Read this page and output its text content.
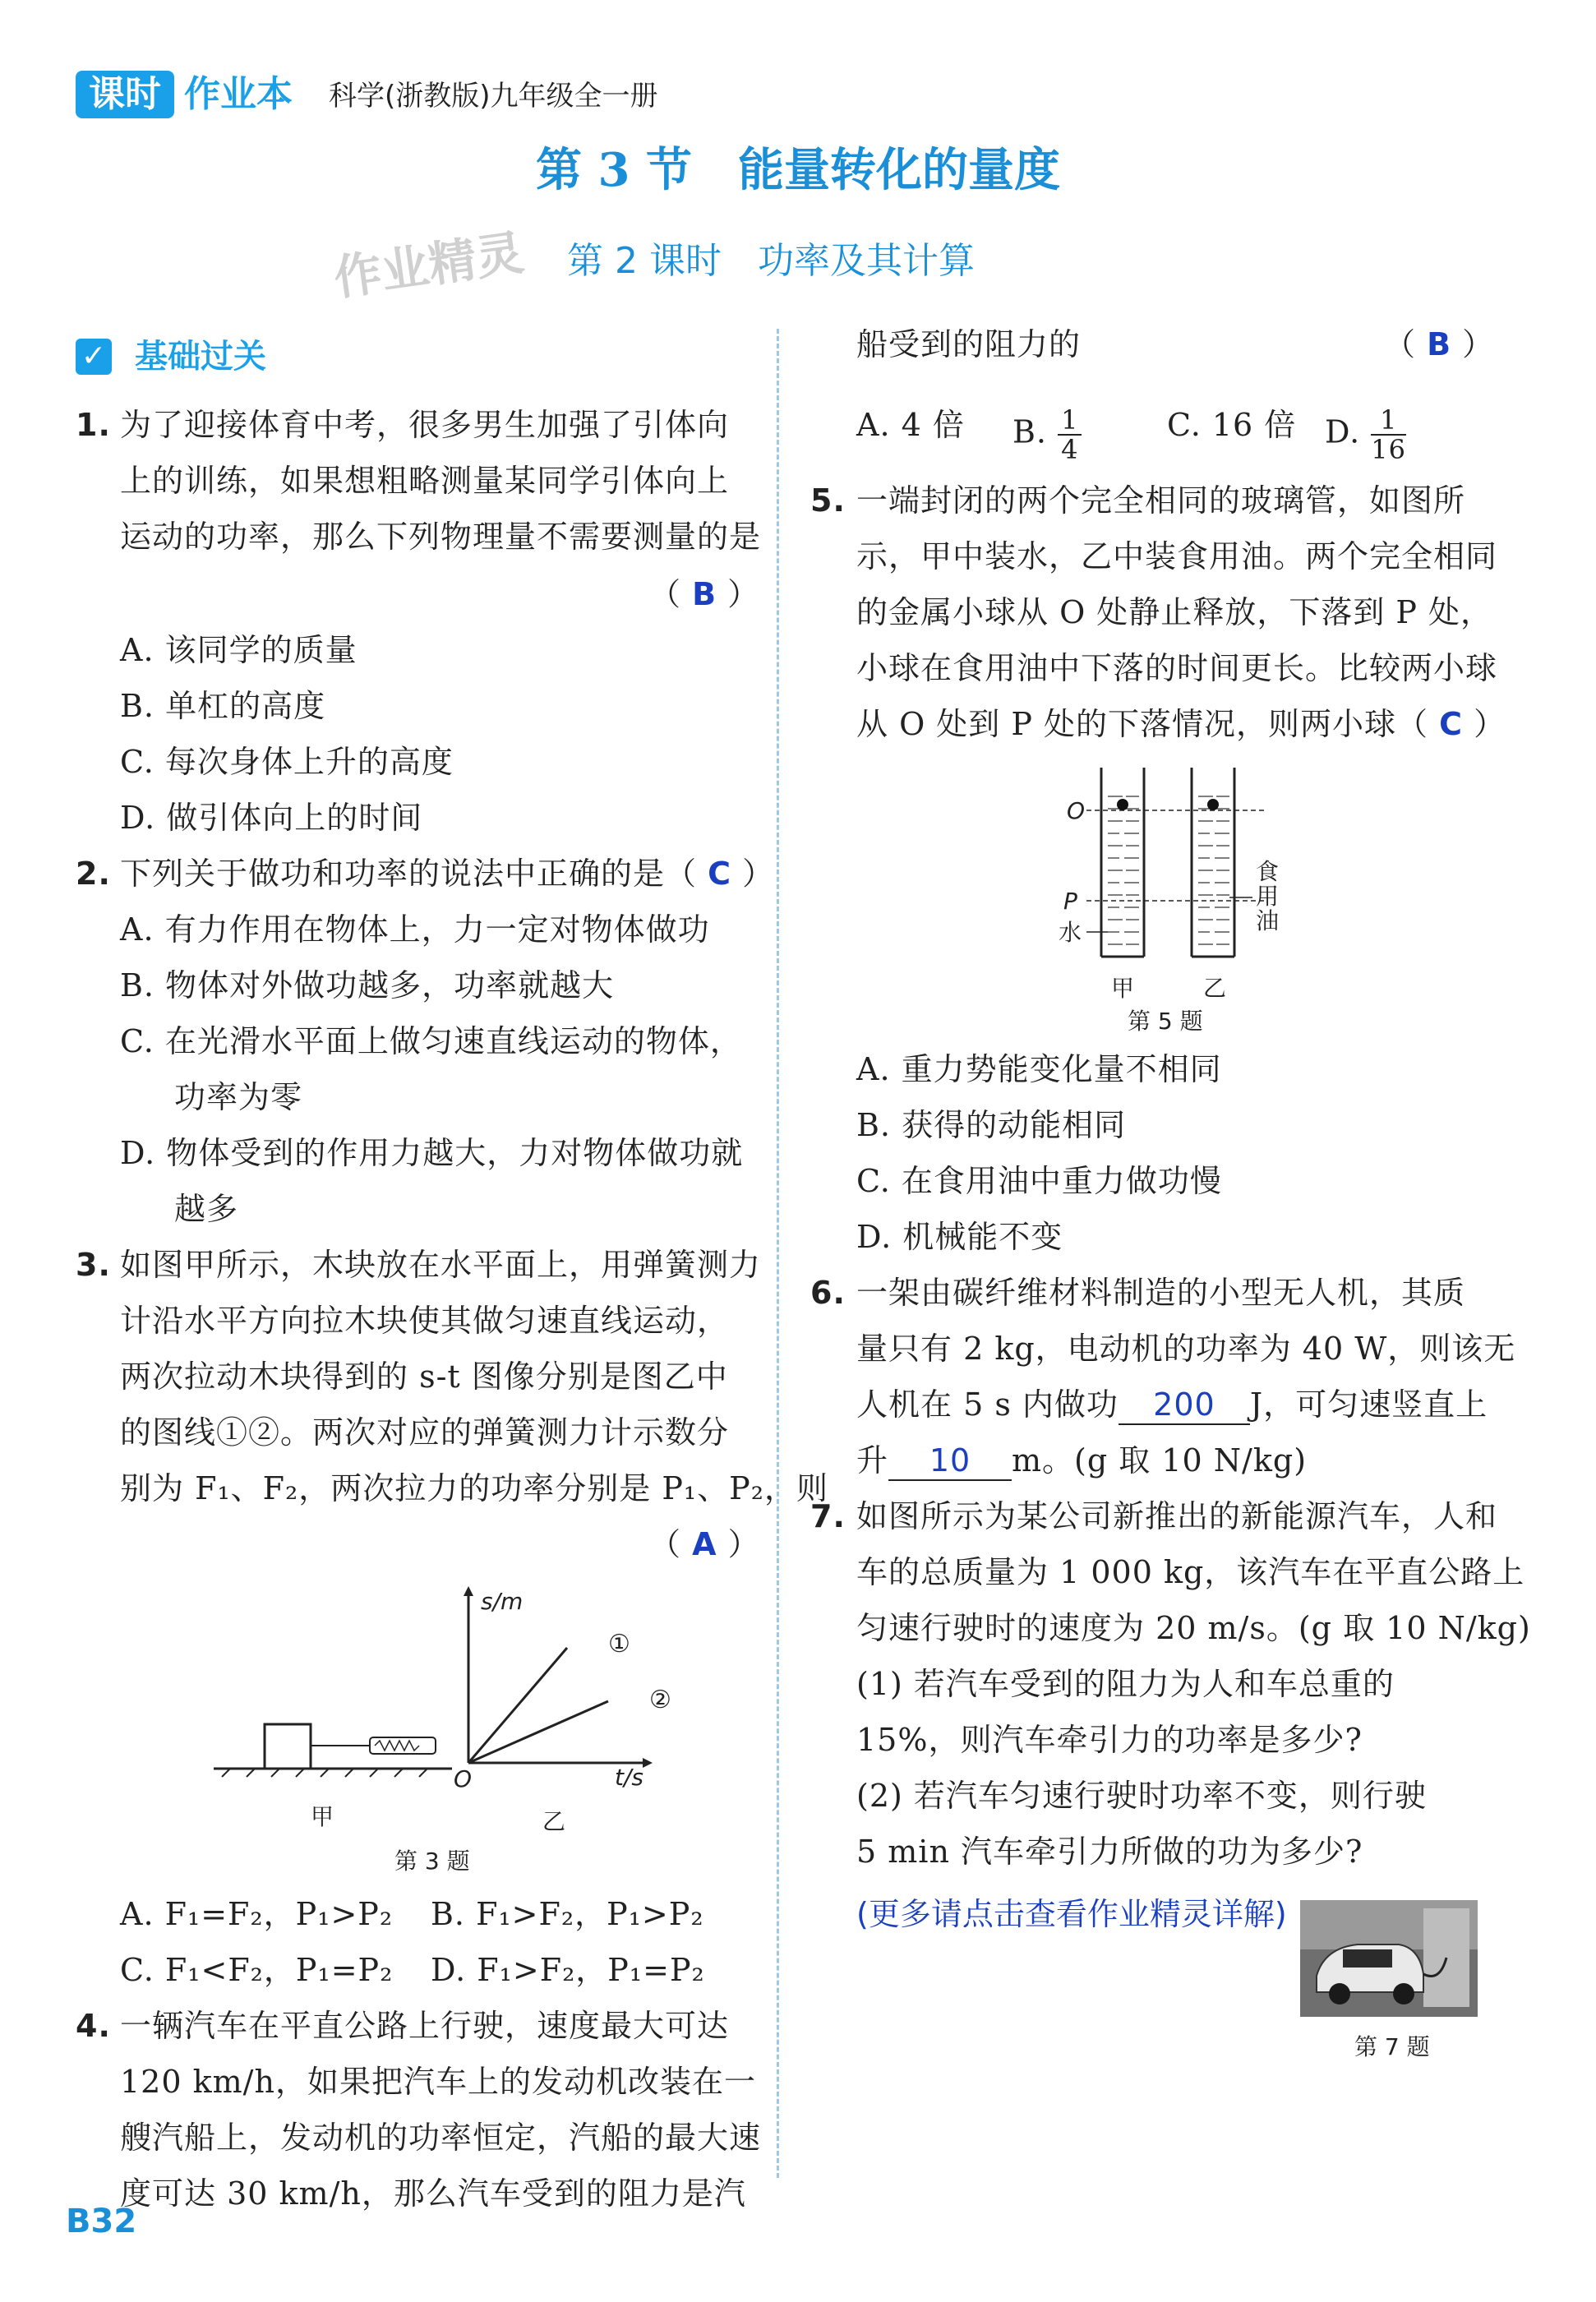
课时 作业本 科学(浙教版)九年级全一册
第 3 节　能量转化的量度
作业精灵 第 2 课时　功率及其计算
✓ 基础过关
1. 为了迎接体育中考，很多男生加强了引体向
上的训练，如果想粗略测量某同学引体向上
运动的功率，那么下列物理量不需要测量的是
（ B ）
A. 该同学的质量
B. 单杠的高度
C. 每次身体上升的高度
D. 做引体向上的时间
2. 下列关于做功和功率的说法中正确的是（ C ）
A. 有力作用在物体上，力一定对物体做功
B. 物体对外做功越多，功率就越大
C. 在光滑水平面上做匀速直线运动的物体，
功率为零
D. 物体受到的作用力越大，力对物体做功就
越多
3. 如图甲所示，木块放在水平面上，用弹簧测力
计沿水平方向拉木块使其做匀速直线运动，
两次拉动木块得到的 s-t 图像分别是图乙中
的图线①②。两次对应的弹簧测力计示数分
别为 F₁、F₂，两次拉力的功率分别是 P₁、P₂，则
（ A ）
s/m
①
②
O	t/s
甲	乙
第 3 题
A. F₁=F₂，P₁>P₂ B. F₁>F₂，P₁>P₂
C. F₁<F₂，P₁=P₂ D. F₁>F₂，P₁=P₂
4. 一辆汽车在平直公路上行驶，速度最大可达
120 km/h，如果把汽车上的发动机改装在一
艘汽船上，发动机的功率恒定，汽船的最大速
度可达 30 km/h，那么汽车受到的阻力是汽
B32
船受到的阻力的	（ B ）
A. 4 倍 B. $\frac{1}{4}$	C. 16 倍 D. $\frac{1}{16}$
5. 一端封闭的两个完全相同的玻璃管，如图所
示，甲中装水，乙中装食用油。两个完全相同
的金属小球从 O 处静止释放，下落到 P 处，
小球在食用油中下落的时间更长。比较两小球
从 O 处到 P 处的下落情况，则两小球（ C ）
O
P
水
食用油
甲	乙
第 5 题
A. 重力势能变化量不相同
B. 获得的动能相同
C. 在食用油中重力做功慢
D. 机械能不变
6. 一架由碳纤维材料制造的小型无人机，其质
量只有 2 kg，电动机的功率为 40 W，则该无
人机在 5 s 内做功 200 J，可匀速竖直上
升 10 m。(g 取 10 N/kg)
7. 如图所示为某公司新推出的新能源汽车，人和
车的总质量为 1 000 kg，该汽车在平直公路上
匀速行驶时的速度为 20 m/s。(g 取 10 N/kg)
(1) 若汽车受到的阻力为人和车总重的
15%，则汽车牵引力的功率是多少?
(2) 若汽车匀速行驶时功率不变，则行驶
5 min 汽车牵引力所做的功为多少?
(更多请点击查看作业精灵详解)
第 7 题
